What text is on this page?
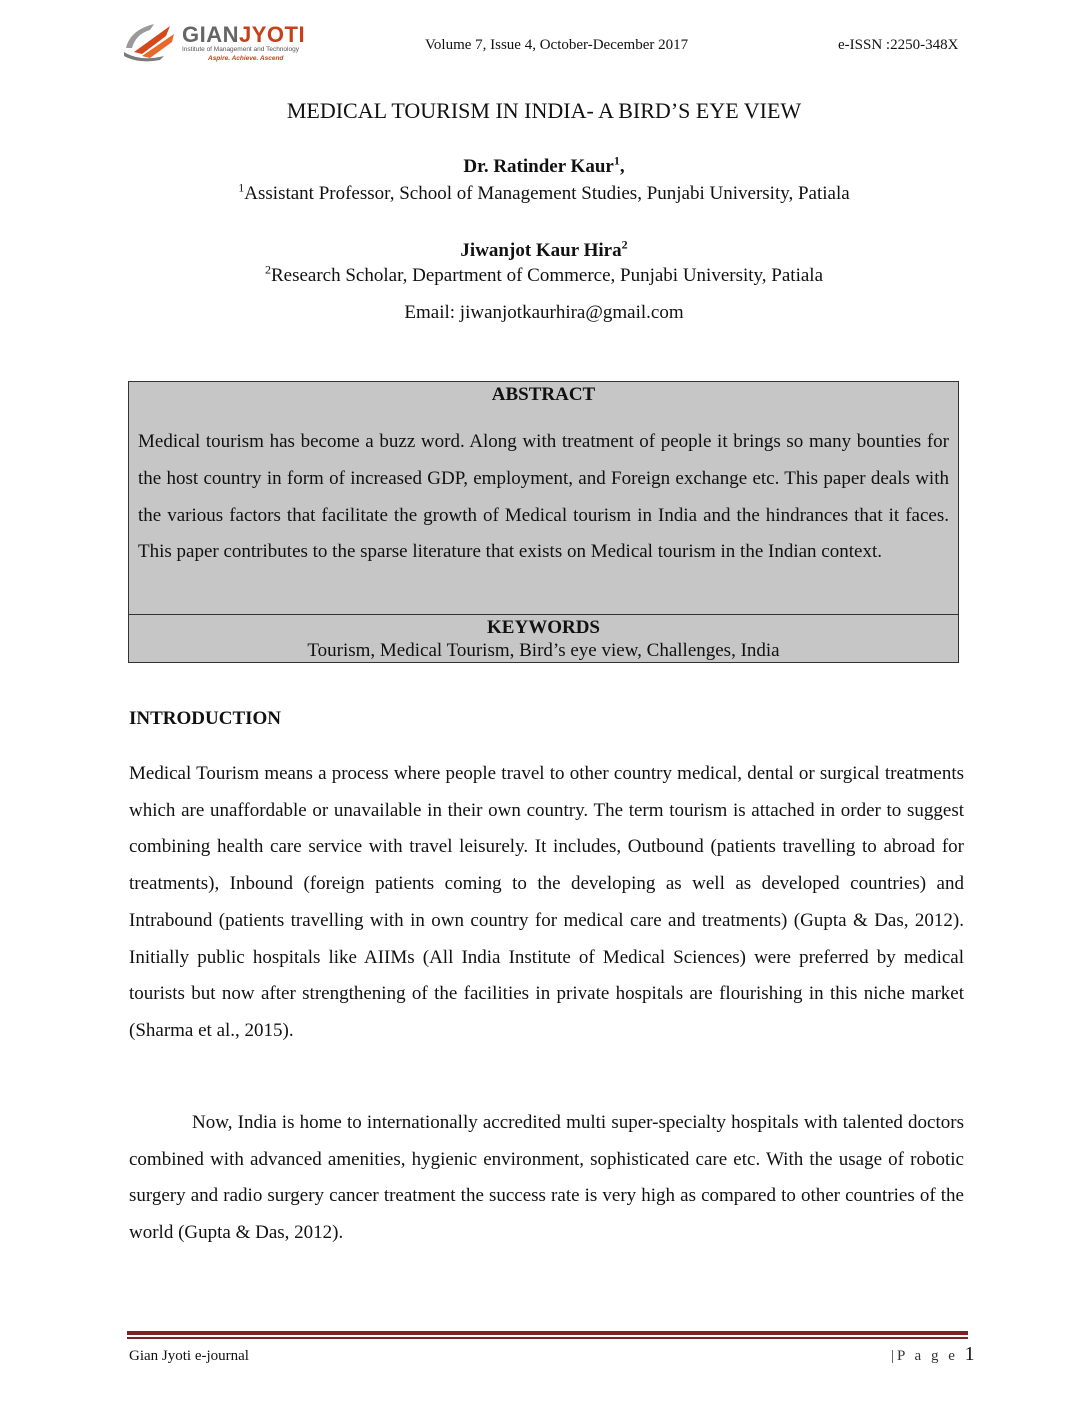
GIANJYOTI
Institute of Management and Technology
Aspire. Achieve. Ascend
Volume 7, Issue 4, October-December 2017	e-ISSN :2250-348X
MEDICAL TOURISM IN INDIA- A BIRD’S EYE VIEW
Dr. Ratinder Kaur$^1$,
$^1$Assistant Professor, School of Management Studies, Punjabi University, Patiala
Jiwanjot Kaur Hira$^2$
$^2$Research Scholar, Department of Commerce, Punjabi University, Patiala
Email: jiwanjotkaurhira@gmail.com
ABSTRACT
Medical tourism has become a buzz word. Along with treatment of people it brings so many bounties for the host country in form of increased GDP, employment, and Foreign exchange etc. This paper deals with the various factors that facilitate the growth of Medical tourism in India and the hindrances that it faces. This paper contributes to the sparse literature that exists on Medical tourism in the Indian context.
KEYWORDS
Tourism, Medical Tourism, Bird’s eye view, Challenges, India
INTRODUCTION
Medical Tourism means a process where people travel to other country medical, dental or surgical treatments which are unaffordable or unavailable in their own country. The term tourism is attached in order to suggest combining health care service with travel leisurely. It includes, Outbound (patients travelling to abroad for treatments), Inbound (foreign patients coming to the developing as well as developed countries) and Intrabound (patients travelling with in own country for medical care and treatments) (Gupta & Das, 2012). Initially public hospitals like AIIMs (All India Institute of Medical Sciences) were preferred by medical tourists but now after strengthening of the facilities in private hospitals are flourishing in this niche market (Sharma et al., 2015).
Now, India is home to internationally accredited multi super-specialty hospitals with talented doctors combined with advanced amenities, hygienic environment, sophisticated care etc. With the usage of robotic surgery and radio surgery cancer treatment the success rate is very high as compared to other countries of the world (Gupta & Das, 2012).
Gian Jyoti e-journal	|P a g e 1
